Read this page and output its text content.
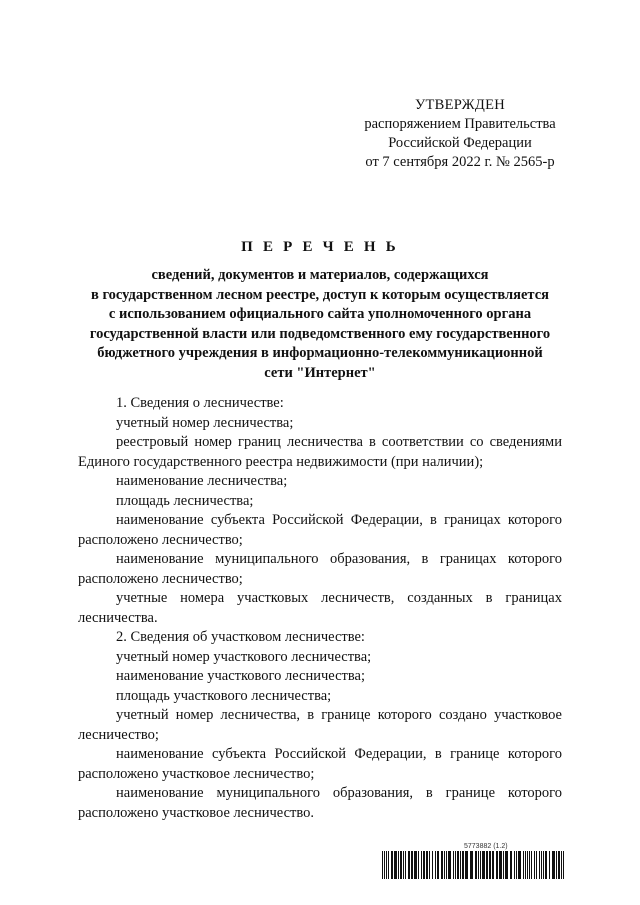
УТВЕРЖДЕН
распоряжением Правительства
Российской Федерации
от 7 сентября 2022 г. № 2565-р
П Е Р Е Ч Е Н Ь
сведений, документов и материалов, содержащихся
в государственном лесном реестре, доступ к которым осуществляется
с использованием официального сайта уполномоченного органа
государственной власти или подведомственного ему государственного
бюджетного учреждения в информационно-телекоммуникационной
сети "Интернет"

1. Сведения о лесничестве:

учетный номер лесничества;

реестровый номер границ лесничества в соответствии со сведениями Единого государственного реестра недвижимости (при наличии);

наименование лесничества;

площадь лесничества;

наименование субъекта Российской Федерации, в границах которого расположено лесничество;

наименование муниципального образования, в границах которого расположено лесничество;

учетные номера участковых лесничеств, созданных в границах лесничества.

2. Сведения об участковом лесничестве:

учетный номер участкового лесничества;

наименование участкового лесничества;

площадь участкового лесничества;

учетный номер лесничества, в границе которого создано участковое лесничество;

наименование субъекта Российской Федерации, в границе которого расположено участковое лесничество;

наименование муниципального образования, в границе которого расположено участковое лесничество.

5773882 (1.2)
